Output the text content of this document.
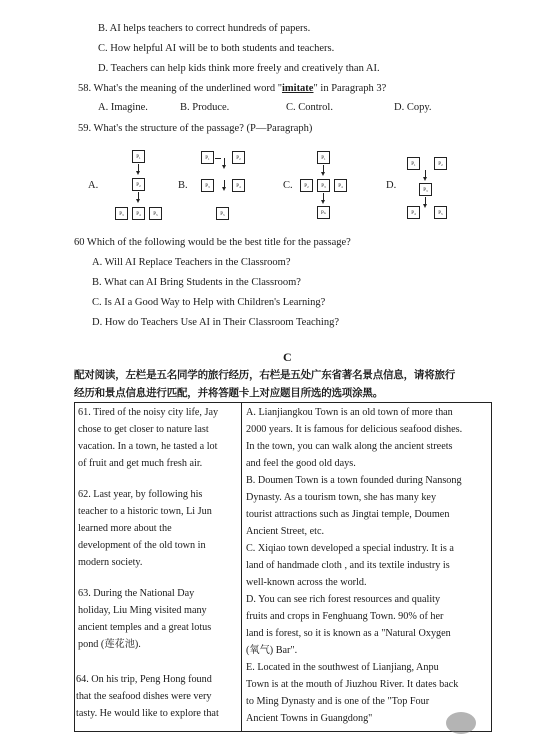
B. AI helps teachers to correct hundreds of papers.
C. How helpful AI will be to both students and teachers.
D. Teachers can help kids think more freely and creatively than AI.
58. What's the meaning of the underlined word "imitate" in Paragraph 3?
A. Imagine.	B. Produce.	C. Control.	D. Copy.
59. What's the structure of the passage? (P—Paragraph)
A.
P₁
P₂
P₃	P₄	P₅
B.
P₁	P₂
P₃	P₄
P₅
C.
P₁
P₂	P₃	P₄
Pₙ
D.
P₁	P₂
P₃
P₄	P₅
60 Which of the following would be the best title for the passage?
A. Will AI Replace Teachers in the Classroom?
B. What can AI Bring Students in the Classroom?
C. Is AI a Good Way to Help with Children's Learning?
D. How do Teachers Use AI in Their Classroom Teaching?
C
配对阅读，左栏是五名同学的旅行经历，右栏是五处广东省著名景点信息，请将旅行
经历和景点信息进行匹配，并将答题卡上对应题目所选的选项涂黑。
61. Tired of the noisy city life, Jay
chose to get closer to nature last
vacation. In a town, he tasted a lot
of fruit and get much fresh air.
62. Last year, by following his
teacher to a historic town, Li Jun
learned more about the
development of the old town in
modern society.
63. During the National Day
holiday, Liu Ming visited many
ancient temples and a great lotus
pond (莲花池).
64. On his trip, Peng Hong found
that the seafood dishes were very
tasty. He would like to explore that
A. Lianjiangkou Town is an old town of more than
2000 years. It is famous for delicious seafood dishes.
In the town, you can walk along the ancient streets
and feel the good old days.
B. Doumen Town is a town founded during Nansong
Dynasty. As a tourism town, she has many key
tourist attractions such as Jingtai temple, Doumen
Ancient Street, etc.
C. Xiqiao town developed a special industry. It is a
land of handmade cloth , and its textile industry is
well-known across the world.
D. You can see rich forest resources and quality
fruits and crops in Fenghuang Town. 90% of her
land is forest, so it is known as a "Natural Oxygen
(氧气) Bar".
E. Located in the southwest of Lianjiang, Anpu
Town is at the mouth of Jiuzhou River. It dates back
to Ming Dynasty and is one of the "Top Four
Ancient Towns in Guangdong"
